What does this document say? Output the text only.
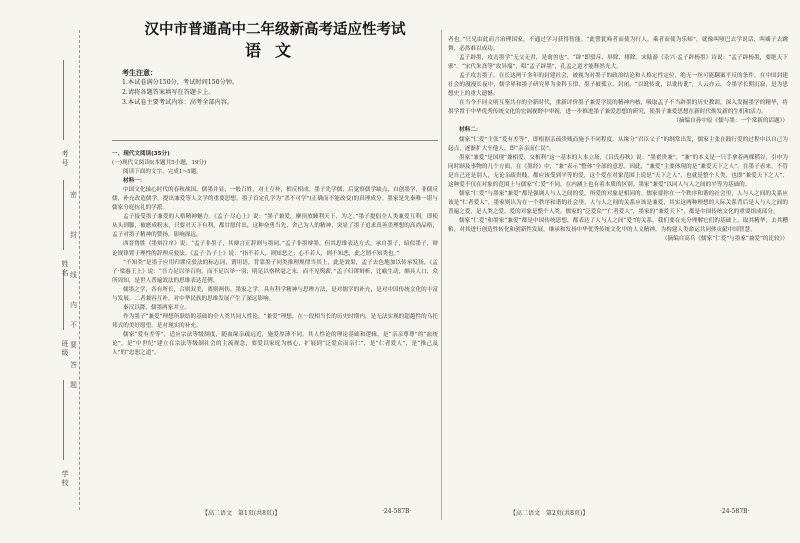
学校
班级
姓名
考号
密
封
线
内
不
要
答
题
汉中市普通高中二年级新高考适应性考试
语文
考生注意：
1.本试卷满分150分，考试时间150分钟。
2.请将各题答案填写在答题卡上。
3.本试卷主要考试内容：高考全部内容。

一、现代文阅读(35分)

(一)现代文阅读Ⅰ(本题共5小题，19分)

阅读下面的文字，完成1~5题。

材料一：

中国文化轴心时代的春秋战国，儒墨并显，一般百姓，对士互补，相反相成。墨子先学儒，后觉察儒学缺点，自创墨学，非儒反儒，补充改造儒学，提出兼爱等人文学的重要思想。墨子首定孔学为“杀不可学”(正确而不能改变)的真理成分。墨家是先秦唯一堪与儒家分庭抗礼的学派。

孟子接受墨子兼爱的人格精神魅力。《孟子·尽心上》说：“墨子兼爱，摩顶放踵利天下，为之。”墨子提倡全人类兼爱互利，即使从头到脚，被磨成粉末，只要对天下有利，都甘愿付出，这种奋勇当先、舍己为人的精神，突显了墨子追求真善美理想的高尚品格，孟子对墨子精神的赞扬，影响深远。

西晋鲁胜《墨辩注序》说：“孟子非墨子，其辩言正辞则与墨同。”孟子非墨辩墨，但其思维表达方式，承自墨子，暗似墨子，辩论规律置于理性的辞理反驳法。《孟子·告子上》说：“指不若人，则知恶之；心不若人，则不知恶，此之谓不知类也。”

“不知类”是墨子应用归谬反驳法的标志词，谓用语，背靠墨子同类推理规律当其上，此是效果，孟子去色地加以传承发扬，《孟子·梁惠王上》说：“吾力足以举百钧，而不足以举一羽；明足以察秋毫之末，而不见舆薪，”孟子归谬辩析，比喻生动，颇具人口，众所周知，是世人普遍效法的思维表达范例。

儒墨之学，各有所长，合则双美，离则两伤。墨家之学，具有科学精神与思辨方法，是对儒学的补充，是对中国传统文化的丰富与发展。二者兼容互补，对中华民族的思维发展产生了深远影响。

秦汉以降，儒墨两家并立。

作为墨子“兼爱”理想所联结的基础的全人类共同人性论，“兼爱”理想，在一段相当长的历史时期内，是无法实现的超越性的乌托邦式的美好愿望，是对现实的补充。

儒家“爱有差等”，适应宗法等级制度，随血缘亲疏远近，施爱厚薄不同。其人性论的理论基础和逻辑，是“亲亲尊尊”的“血统论”，是“中世纪”建立在宗法等级制社会的主流观念，要爱以家庭为核心，扩展到“泛爱众而亲仁”，是“仁者爱人”，是“推己及人”的“忠恕之道”。

【高二语文　第1页(共8页)】	·24-587B·

者也。”只兄由此而言治理国家，不通过学习获得智能。“此譬犹啼者而使为行人，乘者而使为乐师”，就像叫哑巴去学说话，叫瘸子去跳舞，必然难以成功。

孟子辟墨，攻击墨学“无父无君，是禽兽也”。“辟”即驳斥、屏除、排除。宋陆游《杂兴·孟子辟杨墨》诗说：“孟子辟杨墨，要绝天下邪”。“宋代朱熹等“攻异端”，唱“孟子辟墨”，孔孟之道才能释然光大。

孟子攻击墨子，在长达两千多年的封建社会，被视为对墨子的政治结论和人格定性定位，绝无一丝可能翻案平反的条件。在中国封建社会的漫漫长夜中，儒学界和墨子研究界为金科玉律，墨子被孤立、封闭、“以讹传讹，以讹传讹”，人云亦云，令墨学长期沉寂，是为思想史上的重大遗憾。

在当今不同文明互鉴共存的全新时代，重新评价墨子兼爱学说的精神内核，吸取孟子不当辟墨的历史教训，深入发掘墨学的精华，将墨学置于中华优秀传统文化的宏阔视野中审视，进一步推进墨子兼爱思想的研究，使墨子兼爱思想在新时代焕发新的生机和活力。

（摘编自孙中原《儒与墨：一个常新的话题》）

材料二：

儒家“仁爱”主张“爱有差等”，即根据亲疏贵贱而施予不同程度、从缘分“君臣父子”的纲常出发，儒家主张在践行爱的过程中以自己为起点，逐渐扩大至他人，即“亲亲而仁民”。

墨家“兼爱”是国现“兼相爱、交相利”这一基本的人本立场，《吕氏春秋》说：“墨翟贵兼”，“兼”的本义是一只手拿着两棵稻谷，引申为同时顾及事物的几个方面。在《墨经》中，“兼”表示“整体”全部的意思。因此，“兼爱”主要体现的是“兼爱天下之人”。在墨子看来，不管是自己还是别人，无论亲疏贵贱，都应该受到平等的爱，这个爱在对象范围上说是“天下之人”，也就是整个人类，也即“兼爱天下之人”，这种爱不仅在对象的范围上与儒家“仁爱”不同，在内涵上也有着本质的区别。墨家“兼爱”以同人与人之间的平等为基础的。

儒家“仁爱”与墨家“兼爱”都是强调人与人之间的爱，所爱的对象是相同的。儒家要你在一个秩序和谐的社会里，人与人之间的关系应该是“仁者爱人”，墨家则认为在一个秩序和谐的社会里，人与人之间的关系应该是兼爱，其实这两种理想的人际关系背后是人与人之间的普遍之爱，是人类之爱，爱的对象是整个人类。儒家的“泛爱众”“仁者爱人”，墨家的“兼爱天下”，都是中国传统文化的重要组成部分。

儒家“仁爱”和墨家“兼爱”都是中国传统思想，都表达了人与人之间“爱”的关系，我们要在充分理解它们的基础上，取其精华，去其糟粕，对其进行创造性转化和创新性发展，继承和发扬中华优秀传统文化中的人文精神，为构建人类命运共同体贡献中国智慧。

（摘编自高兵《儒家“仁爱”与墨家“兼爱”的比较》）

【高二语文　第2页(共8页)】	·24-587B·
